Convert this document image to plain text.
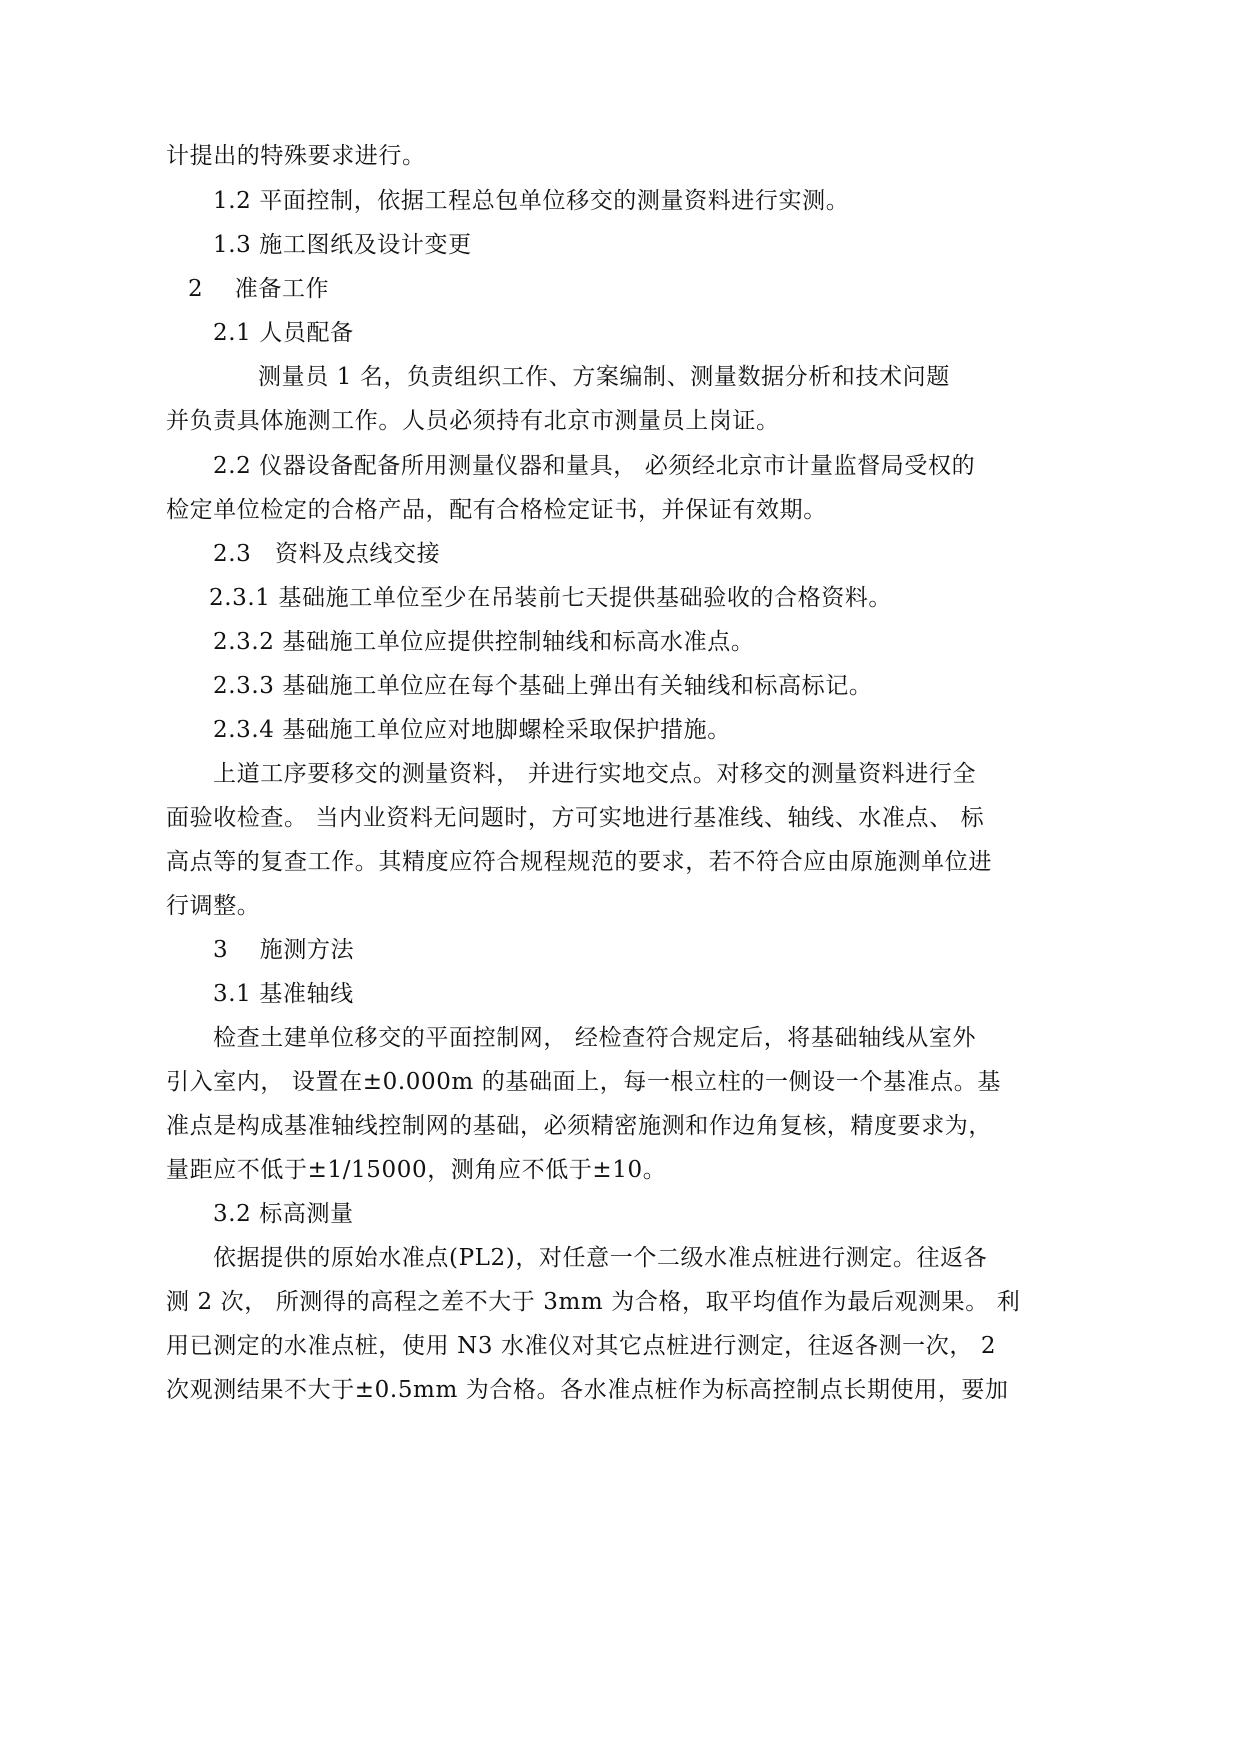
计提出的特殊要求进行。
1.2 平面控制，依据工程总包单位移交的测量资料进行实测。
1.3 施工图纸及设计变更
2　 准备工作
2.1 人员配备
测量员 1 名，负责组织工作、方案编制、测量数据分析和技术问题
并负责具体施测工作。人员必须持有北京市测量员上岗证。
2.2 仪器设备配备所用测量仪器和量具， 必须经北京市计量监督局受权的
检定单位检定的合格产品，配有合格检定证书，并保证有效期。
2.3　资料及点线交接
2.3.1 基础施工单位至少在吊装前七天提供基础验收的合格资料。
2.3.2 基础施工单位应提供控制轴线和标高水准点。
2.3.3 基础施工单位应在每个基础上弹出有关轴线和标高标记。
2.3.4 基础施工单位应对地脚螺栓采取保护措施。
上道工序要移交的测量资料， 并进行实地交点。对移交的测量资料进行全
面验收检查。 当内业资料无问题时，方可实地进行基准线、轴线、水准点、 标
高点等的复查工作。其精度应符合规程规范的要求，若不符合应由原施测单位进
行调整。
3　 施测方法
3.1 基准轴线
检查土建单位移交的平面控制网， 经检查符合规定后，将基础轴线从室外
引入室内， 设置在±0.000m 的基础面上，每一根立柱的一侧设一个基准点。基
准点是构成基准轴线控制网的基础，必须精密施测和作边角复核，精度要求为，
量距应不低于±1/15000，测角应不低于±10。
3.2 标高测量
依据提供的原始水准点(PL2)，对任意一个二级水准点桩进行测定。往返各
测 2 次， 所测得的高程之差不大于 3mm 为合格，取平均值作为最后观测果。 利
用已测定的水准点桩，使用 N3 水准仪对其它点桩进行测定，往返各测一次， 2
次观测结果不大于±0.5mm 为合格。各水准点桩作为标高控制点长期使用，要加
